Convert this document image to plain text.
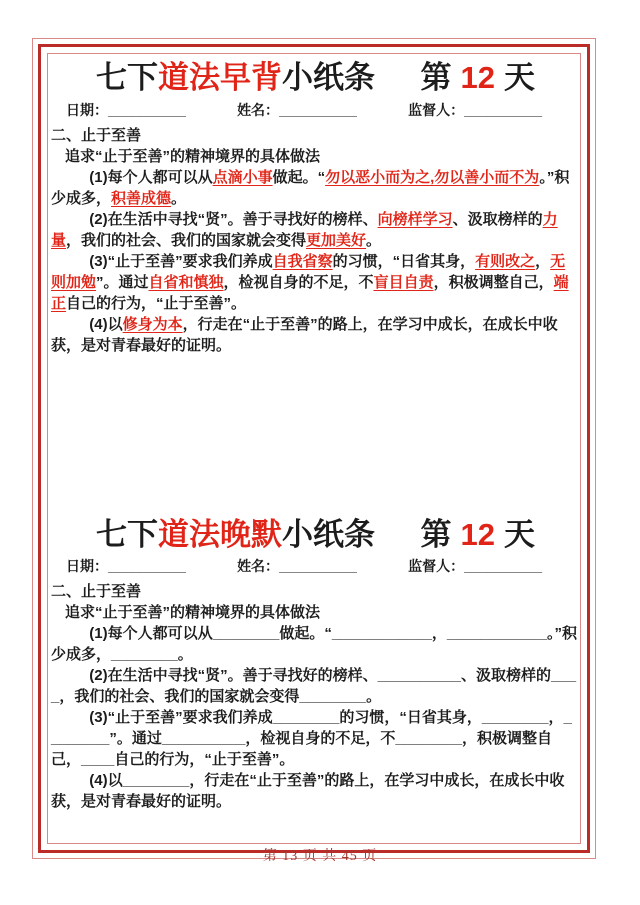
七下道法早背小纸条 第 12 天
日期：__________	姓名：__________	监督人：__________
二、止于至善

追求“止于至善”的精神境界的具体做法

(1)每个人都可以从点滴小事做起。“勿以恶小而为之,勿以善小而不为。”积少成多，积善成德。

(2)在生活中寻找“贤”。善于寻找好的榜样、向榜样学习、汲取榜样的力量，我们的社会、我们的国家就会变得更加美好。

(3)“止于至善”要求我们养成自我省察的习惯，“日省其身，有则改之，无则加勉”。通过自省和慎独，检视自身的不足，不盲目自责，积极调整自己，端正自己的行为，“止于至善”。

(4)以修身为本，行走在“止于至善”的路上，在学习中成长，在成长中收获，是对青春最好的证明。

七下道法晚默小纸条 第 12 天
日期：__________	姓名：__________	监督人：__________
二、止于至善

追求“止于至善”的精神境界的具体做法

(1)每个人都可以从________做起。“____________，____________。”积少成多，________。

(2)在生活中寻找“贤”。善于寻找好的榜样、__________、汲取榜样的____，我们的社会、我们的国家就会变得________。

(3)“止于至善”要求我们养成________的习惯，“日省其身，________，________”。通过__________，检视自身的不足，不________，积极调整自己，____自己的行为，“止于至善”。

(4)以________，行走在“止于至善”的路上，在学习中成长，在成长中收获，是对青春最好的证明。

第 13 页 共 45 页
